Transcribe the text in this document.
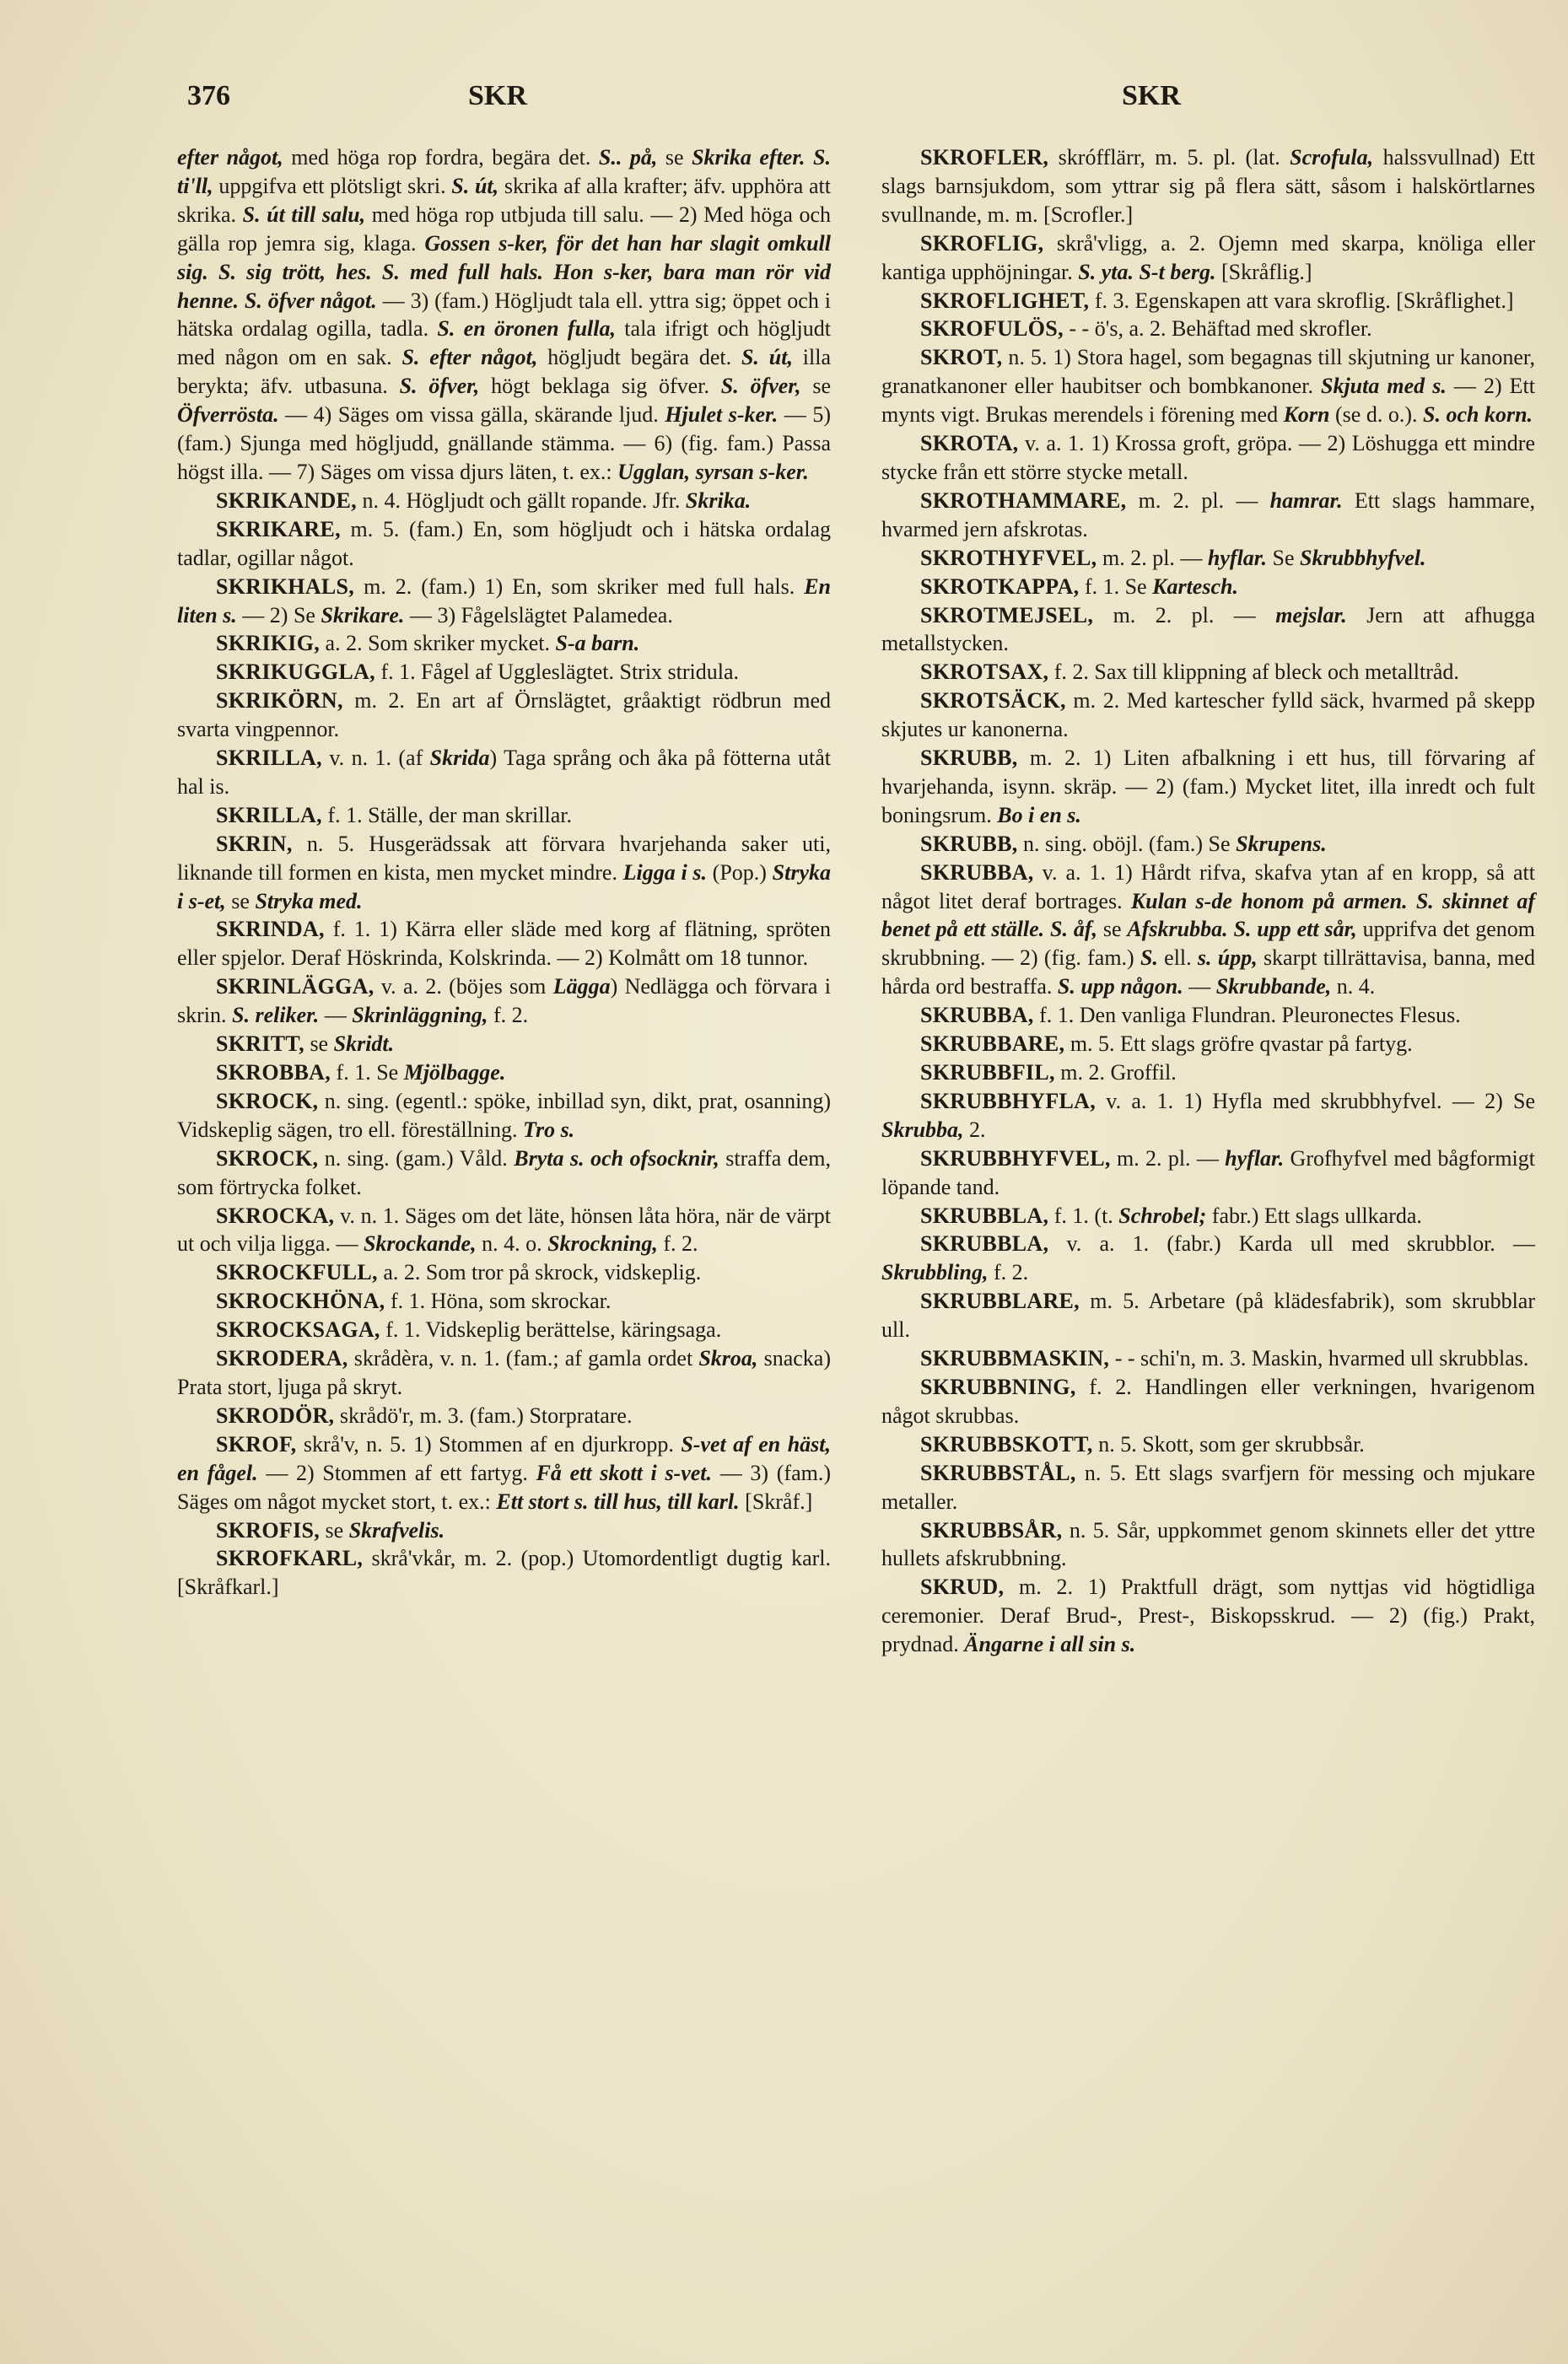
376	SKR	SKR

efter något, med höga rop fordra, begära det. S.. på, se Skrika efter. S. ti'll, uppgifva ett plötsligt skri. S. út, skrika af alla krafter; äfv. upphöra att skrika. S. út till salu, med höga rop utbjuda till salu. — 2) Med höga och gälla rop jemra sig, klaga. Gossen s-ker, för det han har slagit omkull sig. S. sig trött, hes. S. med full hals. Hon s-ker, bara man rör vid henne. S. öfver något. — 3) (fam.) Högljudt tala ell. yttra sig; öppet och i hätska ordalag ogilla, tadla. S. en öronen fulla, tala ifrigt och högljudt med någon om en sak. S. efter något, högljudt begära det. S. út, illa berykta; äfv. utbasuna. S. öfver, högt beklaga sig öfver. S. öfver, se Öfverrösta. — 4) Säges om vissa gälla, skärande ljud. Hjulet s-ker. — 5) (fam.) Sjunga med högljudd, gnällande stämma. — 6) (fig. fam.) Passa högst illa. — 7) Säges om vissa djurs läten, t. ex.: Ugglan, syrsan s-ker.

SKRIKANDE, n. 4. Högljudt och gällt ropande. Jfr. Skrika.

SKRIKARE, m. 5. (fam.) En, som högljudt och i hätska ordalag tadlar, ogillar något.

SKRIKHALS, m. 2. (fam.) 1) En, som skriker med full hals. En liten s. — 2) Se Skrikare. — 3) Fågelslägtet Palamedea.

SKRIKIG, a. 2. Som skriker mycket. S-a barn.

SKRIKUGGLA, f. 1. Fågel af Uggleslägtet. Strix stridula.

SKRIKÖRN, m. 2. En art af Örnslägtet, gråaktigt rödbrun med svarta vingpennor.

SKRILLA, v. n. 1. (af Skrida) Taga språng och åka på fötterna utåt hal is.

SKRILLA, f. 1. Ställe, der man skrillar.

SKRIN, n. 5. Husgerädssak att förvara hvarjehanda saker uti, liknande till formen en kista, men mycket mindre. Ligga i s. (Pop.) Stryka i s-et, se Stryka med.

SKRINDA, f. 1. 1) Kärra eller släde med korg af flätning, spröten eller spjelor. Deraf Höskrinda, Kolskrinda. — 2) Kolmått om 18 tunnor.

SKRINLÄGGA, v. a. 2. (böjes som Lägga) Nedlägga och förvara i skrin. S. reliker. — Skrinläggning, f. 2.

SKRITT, se Skridt.

SKROBBA, f. 1. Se Mjölbagge.

SKROCK, n. sing. (egentl.: spöke, inbillad syn, dikt, prat, osanning) Vidskeplig sägen, tro ell. föreställning. Tro s.

SKROCK, n. sing. (gam.) Våld. Bryta s. och ofsocknir, straffa dem, som förtrycka folket.

SKROCKA, v. n. 1. Säges om det läte, hönsen låta höra, när de värpt ut och vilja ligga. — Skrockande, n. 4. o. Skrockning, f. 2.

SKROCKFULL, a. 2. Som tror på skrock, vidskeplig.

SKROCKHÖNA, f. 1. Höna, som skrockar.

SKROCKSAGA, f. 1. Vidskeplig berättelse, käringsaga.

SKRODERA, skrådèra, v. n. 1. (fam.; af gamla ordet Skroa, snacka) Prata stort, ljuga på skryt.

SKRODÖR, skrådö'r, m. 3. (fam.) Storpratare.

SKROF, skrå'v, n. 5. 1) Stommen af en djurkropp. S-vet af en häst, en fågel. — 2) Stommen af ett fartyg. Få ett skott i s-vet. — 3) (fam.) Säges om något mycket stort, t. ex.: Ett stort s. till hus, till karl. [Skråf.]

SKROFIS, se Skrafvelis.

SKROFKARL, skrå'vkår, m. 2. (pop.) Utomordentligt dugtig karl. [Skråfkarl.]

SKROFLER, skrófflärr, m. 5. pl. (lat. Scrofula, halssvullnad) Ett slags barnsjukdom, som yttrar sig på flera sätt, såsom i halskörtlarnes svullnande, m. m. [Scrofler.]

SKROFLIG, skrå'vligg, a. 2. Ojemn med skarpa, knöliga eller kantiga upphöjningar. S. yta. S-t berg. [Skråflig.]

SKROFLIGHET, f. 3. Egenskapen att vara skroflig. [Skråflighet.]

SKROFULÖS, - - ö's, a. 2. Behäftad med skrofler.

SKROT, n. 5. 1) Stora hagel, som begagnas till skjutning ur kanoner, granatkanoner eller haubitser och bombkanoner. Skjuta med s. — 2) Ett mynts vigt. Brukas merendels i förening med Korn (se d. o.). S. och korn.

SKROTA, v. a. 1. 1) Krossa groft, gröpa. — 2) Löshugga ett mindre stycke från ett större stycke metall.

SKROTHAMMARE, m. 2. pl. — hamrar. Ett slags hammare, hvarmed jern afskrotas.

SKROTHYFVEL, m. 2. pl. — hyflar. Se Skrubbhyfvel.

SKROTKAPPA, f. 1. Se Kartesch.

SKROTMEJSEL, m. 2. pl. — mejslar. Jern att afhugga metallstycken.

SKROTSAX, f. 2. Sax till klippning af bleck och metalltråd.

SKROTSÄCK, m. 2. Med kartescher fylld säck, hvarmed på skepp skjutes ur kanonerna.

SKRUBB, m. 2. 1) Liten afbalkning i ett hus, till förvaring af hvarjehanda, isynn. skräp. — 2) (fam.) Mycket litet, illa inredt och fult boningsrum. Bo i en s.

SKRUBB, n. sing. oböjl. (fam.) Se Skrupens.

SKRUBBA, v. a. 1. 1) Hårdt rifva, skafva ytan af en kropp, så att något litet deraf bortrages. Kulan s-de honom på armen. S. skinnet af benet på ett ställe. S. åf, se Afskrubba. S. upp ett sår, upprifva det genom skrubbning. — 2) (fig. fam.) S. ell. s. úpp, skarpt tillrättavisa, banna, med hårda ord bestraffa. S. upp någon. — Skrubbande, n. 4.

SKRUBBA, f. 1. Den vanliga Flundran. Pleuronectes Flesus.

SKRUBBARE, m. 5. Ett slags gröfre qvastar på fartyg.

SKRUBBFIL, m. 2. Groffil.

SKRUBBHYFLA, v. a. 1. 1) Hyfla med skrubbhyfvel. — 2) Se Skrubba, 2.

SKRUBBHYFVEL, m. 2. pl. — hyflar. Grofhyfvel med bågformigt löpande tand.

SKRUBBLA, f. 1. (t. Schrobel; fabr.) Ett slags ullkarda.

SKRUBBLA, v. a. 1. (fabr.) Karda ull med skrubblor. — Skrubbling, f. 2.

SKRUBBLARE, m. 5. Arbetare (på klädesfabrik), som skrubblar ull.

SKRUBBMASKIN, - - schi'n, m. 3. Maskin, hvarmed ull skrubblas.

SKRUBBNING, f. 2. Handlingen eller verkningen, hvarigenom något skrubbas.

SKRUBBSKOTT, n. 5. Skott, som ger skrubbsår.

SKRUBBSTÅL, n. 5. Ett slags svarfjern för messing och mjukare metaller.

SKRUBBSÅR, n. 5. Sår, uppkommet genom skinnets eller det yttre hullets afskrubbning.

SKRUD, m. 2. 1) Praktfull drägt, som nyttjas vid högtidliga ceremonier. Deraf Brud-, Prest-, Biskopsskrud. — 2) (fig.) Prakt, prydnad. Ängarne i all sin s.
